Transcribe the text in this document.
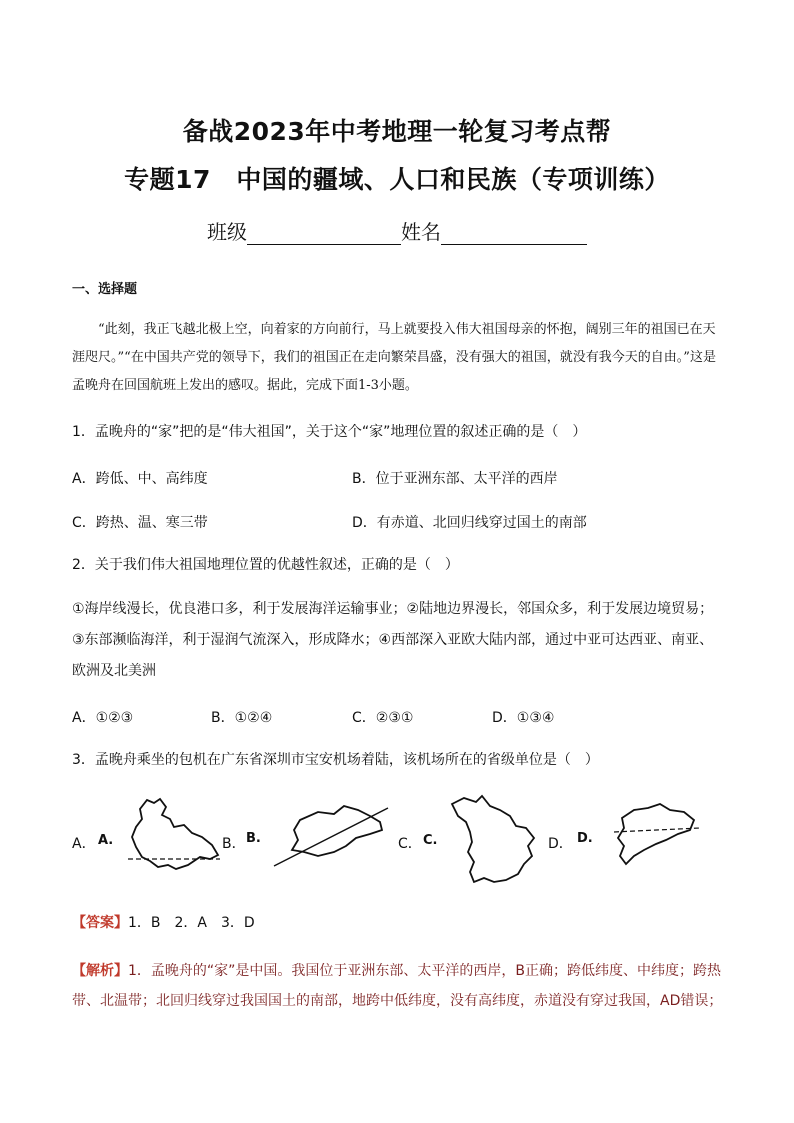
备战2023年中考地理一轮复习考点帮
专题17　中国的疆域、人口和民族（专项训练）
班级	姓名
一、选择题
“此刻，我正飞越北极上空，向着家的方向前行，马上就要投入伟大祖国母亲的怀抱，阔别三年的祖国已在天涯咫尺。”“在中国共产党的领导下，我们的祖国正在走向繁荣昌盛，没有强大的祖国，就没有我今天的自由。”这是孟晚舟在回国航班上发出的感叹。据此，完成下面1-3小题。
1．孟晚舟的“家”把的是“伟大祖国”，关于这个“家”地理位置的叙述正确的是（　）
A．跨低、中、高纬度	B．位于亚洲东部、太平洋的西岸
C．跨热、温、寒三带	D．有赤道、北回归线穿过国土的南部
2．关于我们伟大祖国地理位置的优越性叙述，正确的是（　）
①海岸线漫长，优良港口多，利于发展海洋运输事业；②陆地边界漫长，邻国众多，利于发展边境贸易；③东部濒临海洋，利于湿润气流深入，形成降水；④西部深入亚欧大陆内部，通过中亚可达西亚、南亚、欧洲及北美洲
A．①②③	B．①②④	C．②③①	D．①③④
3．孟晚舟乘坐的包机在广东省深圳市宝安机场着陆，该机场所在的省级单位是（　）
A． A.	B． B.	C． C.	D． D.
【答案】1．B　2．A　3．D
【解析】1．孟晚舟的“家”是中国。我国位于亚洲东部、太平洋的西岸，B正确；跨低纬度、中纬度；跨热带、北温带；北回归线穿过我国国土的南部，地跨中低纬度，没有高纬度，赤道没有穿过我国，AD错误；
